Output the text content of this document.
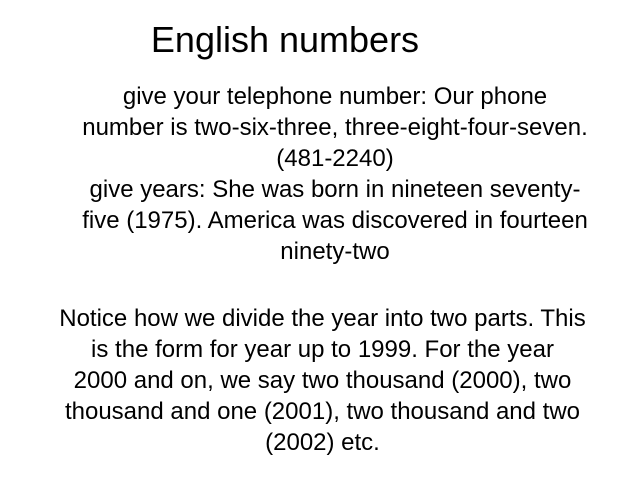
English numbers
give your telephone number: Our phone
number is two-six-three, three-eight-four-seven.
(481-2240)
give years: She was born in nineteen seventy-
five (1975). America was discovered in fourteen
ninety-two
Notice how we divide the year into two parts. This
is the form for year up to 1999. For the year
2000 and on, we say two thousand (2000), two
thousand and one (2001), two thousand and two
(2002) etc.
